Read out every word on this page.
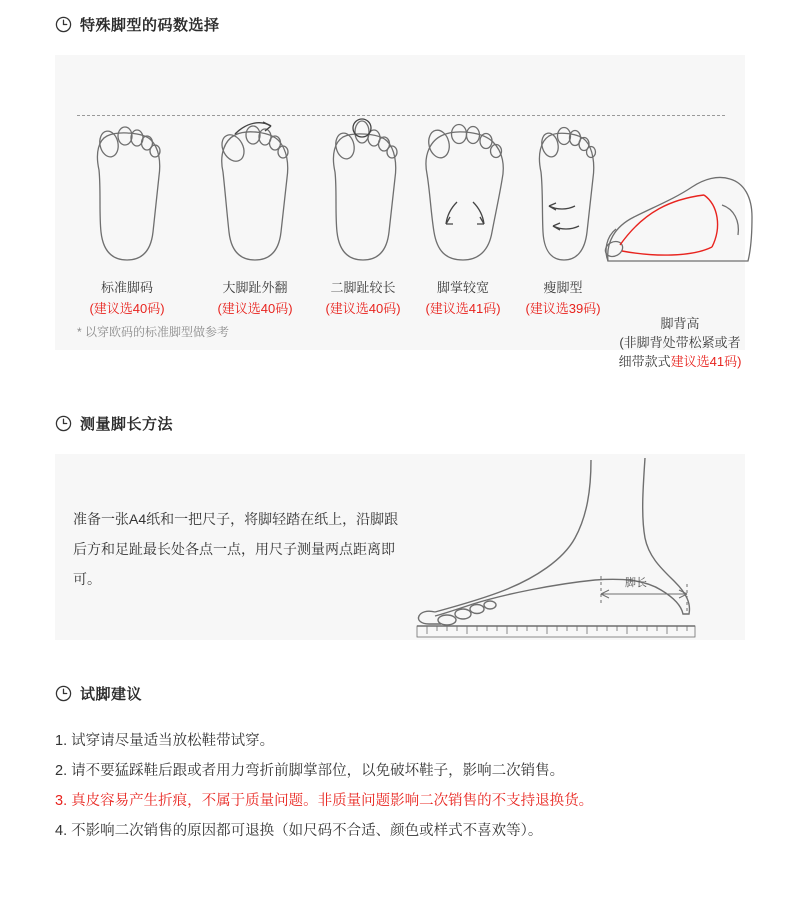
特殊脚型的码数选择
标准脚码
(建议选40码)
大脚趾外翻
(建议选40码)
二脚趾较长
(建议选40码)
脚掌较宽
(建议选41码)
瘦脚型
(建议选39码)
脚背高
(非脚背处带松紧或者
细带款式建议选41码)
* 以穿欧码的标准脚型做参考
测量脚长方法
准备一张A4纸和一把尺子，将脚轻踏在纸上，沿脚跟后方和足趾最长处各点一点，用尺子测量两点距离即可。	脚长
试脚建议
1. 试穿请尽量适当放松鞋带试穿。
2. 请不要猛踩鞋后跟或者用力弯折前脚掌部位，以免破坏鞋子，影响二次销售。
3. 真皮容易产生折痕，不属于质量问题。非质量问题影响二次销售的不支持退换货。
4. 不影响二次销售的原因都可退换（如尺码不合适、颜色或样式不喜欢等）。
